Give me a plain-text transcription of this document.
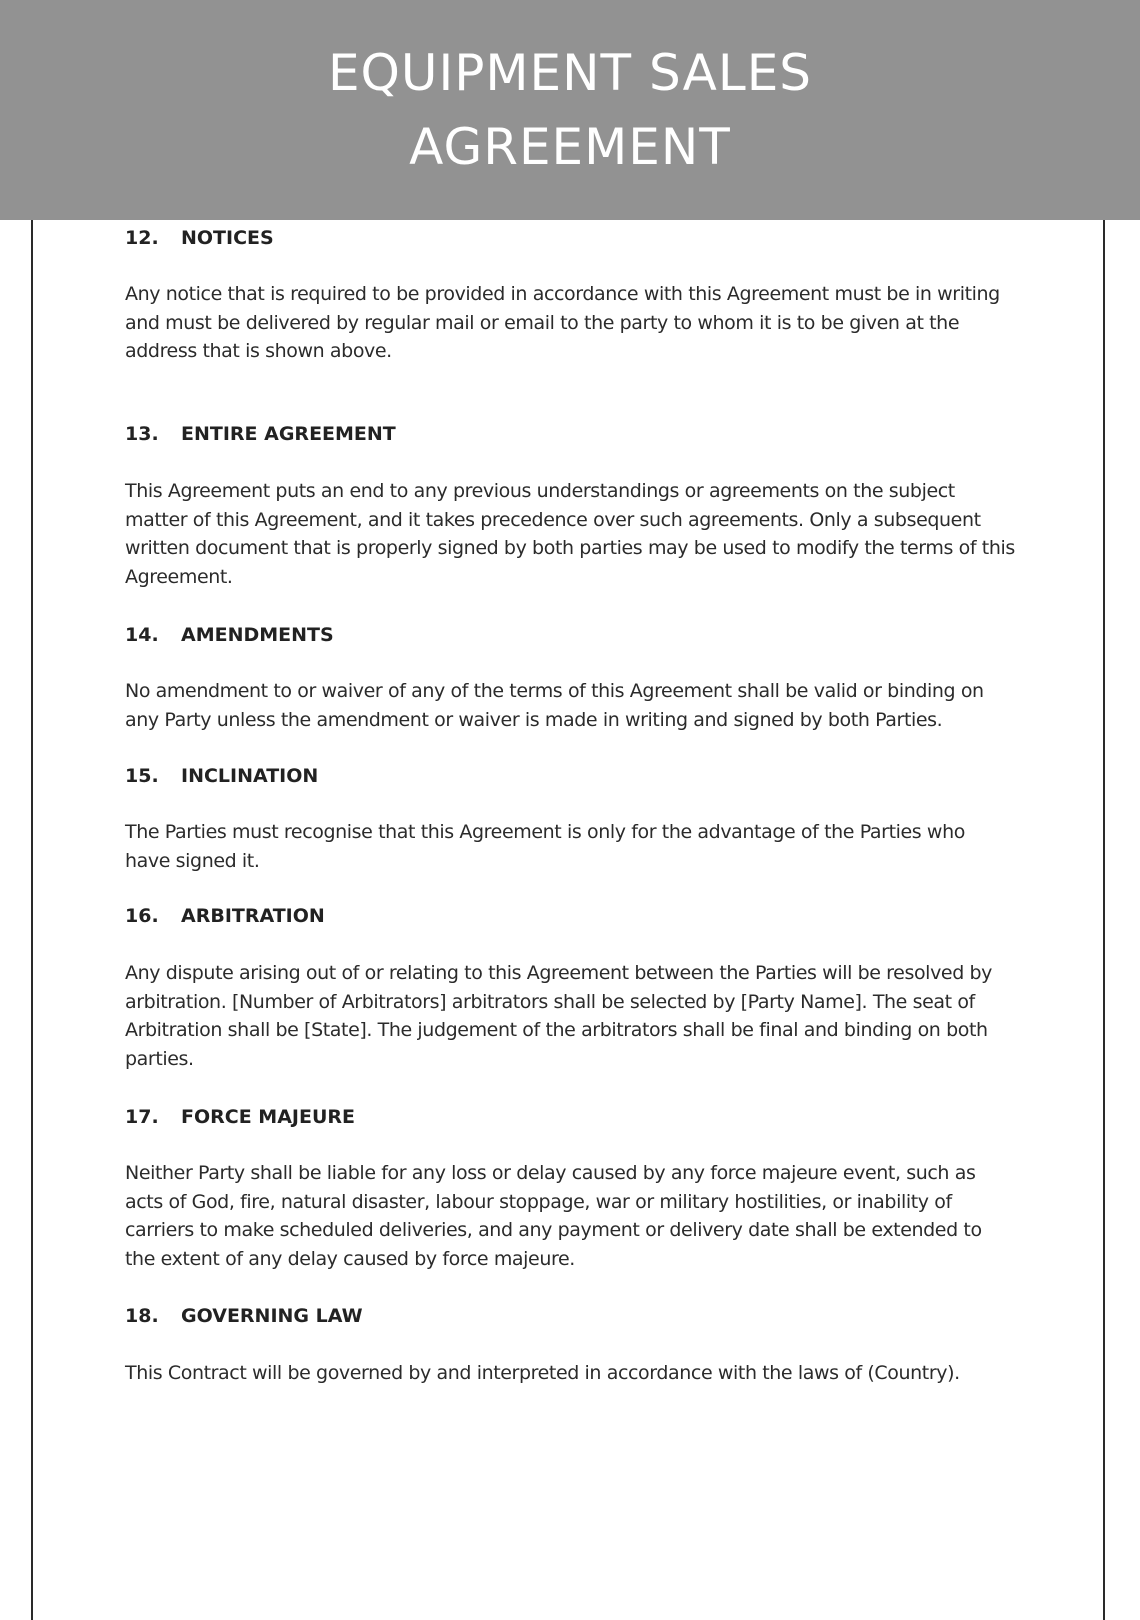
EQUIPMENT SALES
AGREEMENT
12.	NOTICES
Any notice that is required to be provided in accordance with this Agreement must be in writing and must be delivered by regular mail or email to the party to whom it is to be given at the address that is shown above.
13.	ENTIRE AGREEMENT
This Agreement puts an end to any previous understandings or agreements on the subject matter of this Agreement, and it takes precedence over such agreements. Only a subsequent written document that is properly signed by both parties may be used to modify the terms of this Agreement.
14.	AMENDMENTS
No amendment to or waiver of any of the terms of this Agreement shall be valid or binding on any Party unless the amendment or waiver is made in writing and signed by both Parties.
15.	INCLINATION
The Parties must recognise that this Agreement is only for the advantage of the Parties who have signed it.
16.	ARBITRATION
Any dispute arising out of or relating to this Agreement between the Parties will be resolved by arbitration. [Number of Arbitrators] arbitrators shall be selected by [Party Name]. The seat of Arbitration shall be [State]. The judgement of the arbitrators shall be final and binding on both parties.
17.	FORCE MAJEURE
Neither Party shall be liable for any loss or delay caused by any force majeure event, such as acts of God, fire, natural disaster, labour stoppage, war or military hostilities, or inability of carriers to make scheduled deliveries, and any payment or delivery date shall be extended to the extent of any delay caused by force majeure.
18.	GOVERNING LAW
This Contract will be governed by and interpreted in accordance with the laws of (Country).
